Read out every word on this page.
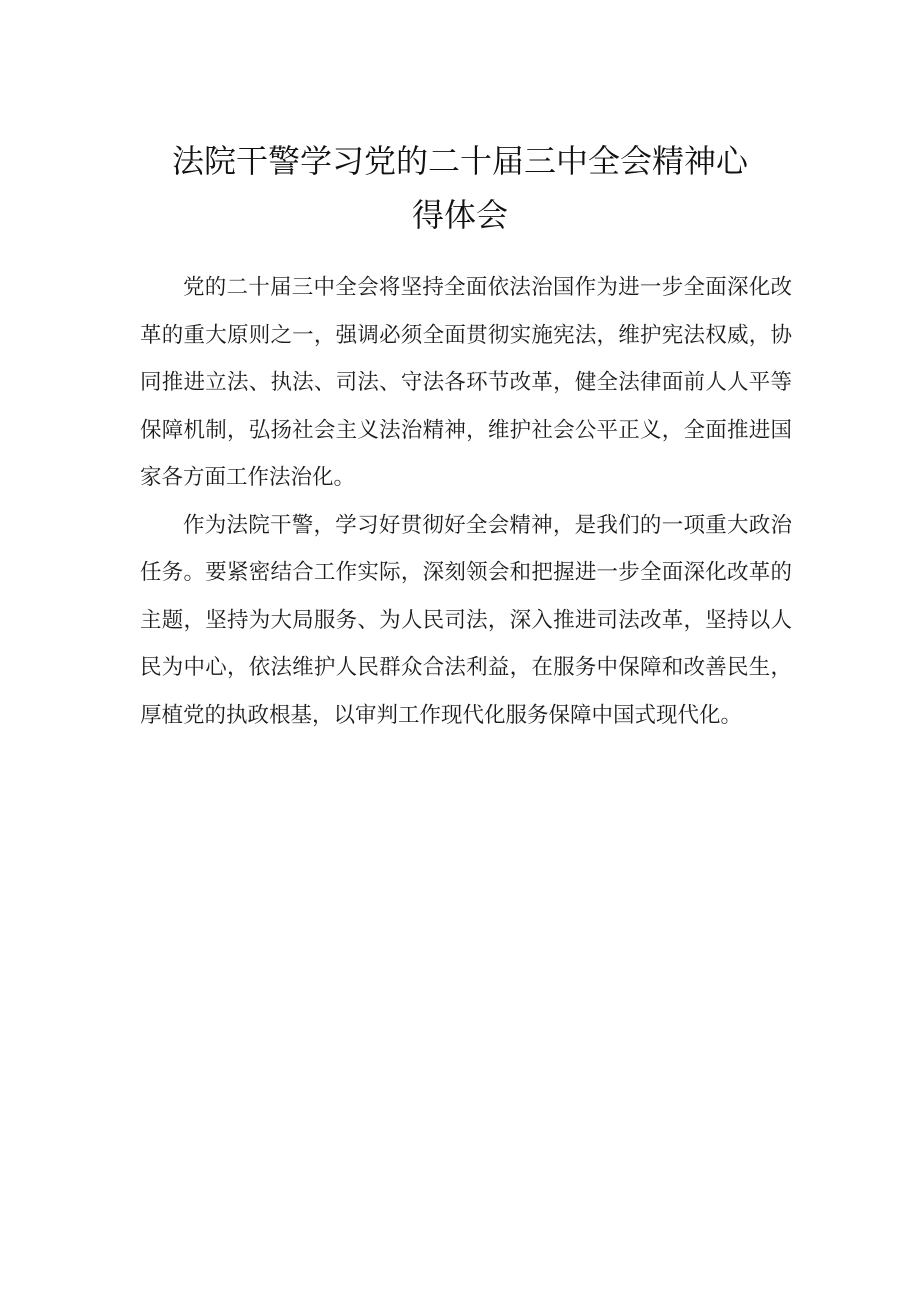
法院干警学习党的二十届三中全会精神心
得体会

党的二十届三中全会将坚持全面依法治国作为进一步全面深化改革的重大原则之一，强调必须全面贯彻实施宪法，维护宪法权威，协同推进立法、执法、司法、守法各环节改革，健全法律面前人人平等保障机制，弘扬社会主义法治精神，维护社会公平正义，全面推进国家各方面工作法治化。

作为法院干警，学习好贯彻好全会精神，是我们的一项重大政治任务。要紧密结合工作实际，深刻领会和把握进一步全面深化改革的主题，坚持为大局服务、为人民司法，深入推进司法改革，坚持以人民为中心，依法维护人民群众合法利益，在服务中保障和改善民生，厚植党的执政根基，以审判工作现代化服务保障中国式现代化。
